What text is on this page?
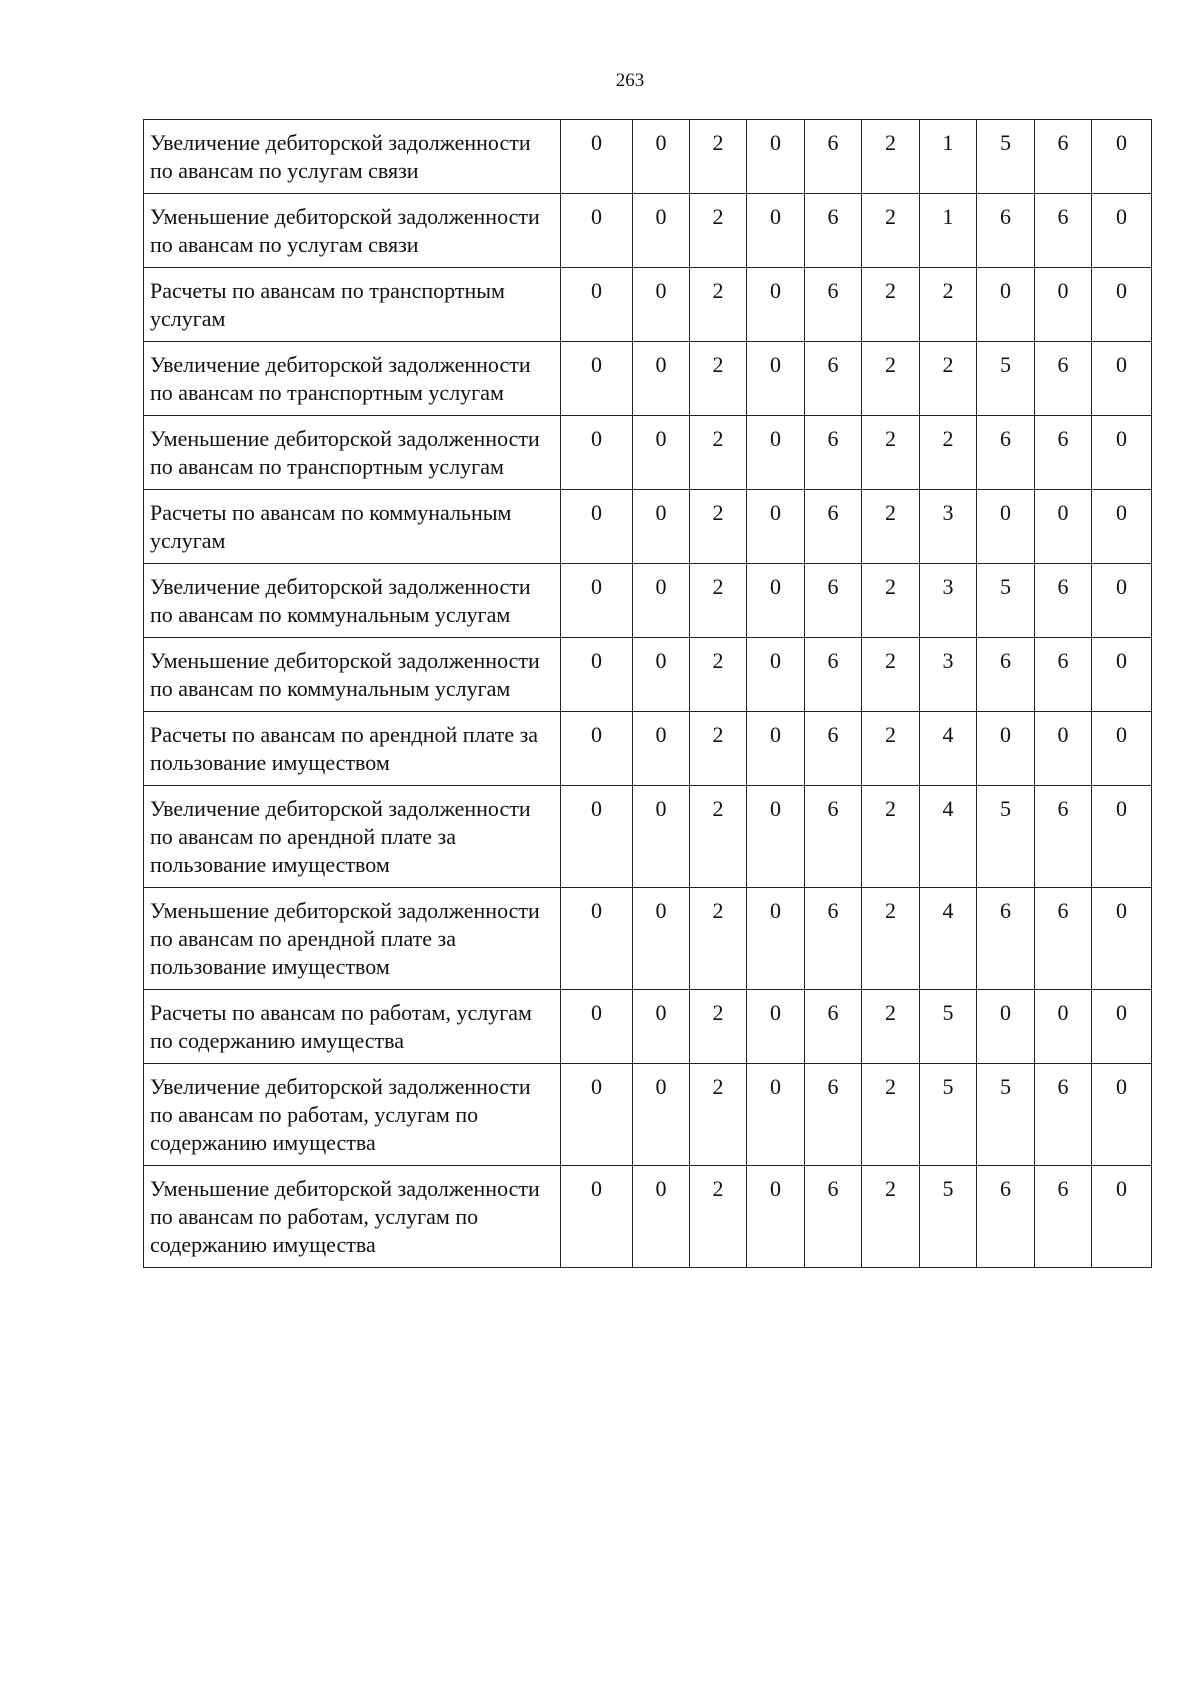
263
Увеличение дебиторской задолженности по авансам по услугам связи	0	0	2	0	6	2	1	5	6	0
Уменьшение дебиторской задолженности по авансам по услугам связи	0	0	2	0	6	2	1	6	6	0
Расчеты по авансам по транспортным услугам	0	0	2	0	6	2	2	0	0	0
Увеличение дебиторской задолженности по авансам по транспортным услугам	0	0	2	0	6	2	2	5	6	0
Уменьшение дебиторской задолженности по авансам по транспортным услугам	0	0	2	0	6	2	2	6	6	0
Расчеты по авансам по коммунальным услугам	0	0	2	0	6	2	3	0	0	0
Увеличение дебиторской задолженности по авансам по коммунальным услугам	0	0	2	0	6	2	3	5	6	0
Уменьшение дебиторской задолженности по авансам по коммунальным услугам	0	0	2	0	6	2	3	6	6	0
Расчеты по авансам по арендной плате за пользование имуществом	0	0	2	0	6	2	4	0	0	0
Увеличение дебиторской задолженности по авансам по арендной плате за пользование имуществом	0	0	2	0	6	2	4	5	6	0
Уменьшение дебиторской задолженности по авансам по арендной плате за пользование имуществом	0	0	2	0	6	2	4	6	6	0
Расчеты по авансам по работам, услугам по содержанию имущества	0	0	2	0	6	2	5	0	0	0
Увеличение дебиторской задолженности по авансам по работам, услугам по содержанию имущества	0	0	2	0	6	2	5	5	6	0
Уменьшение дебиторской задолженности по авансам по работам, услугам по содержанию имущества	0	0	2	0	6	2	5	6	6	0
